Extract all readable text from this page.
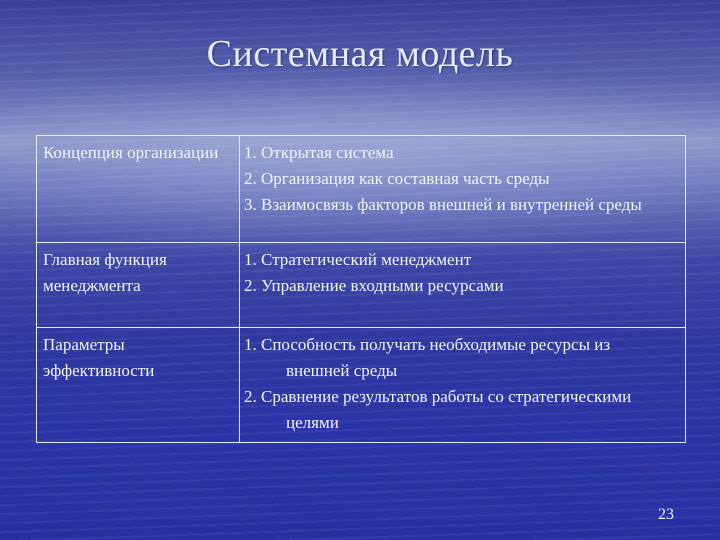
Системная модель
Концепция организации	1. Открытая система
2. Организация как составная часть среды
3. Взаимосвязь факторов внешней и внутренней среды

Главная функция менеджмента	1. Стратегический менеджмент
2. Управление входными ресурсами

Параметры эффективности	1. Способность получать необходимые ресурсы из внешней среды
2. Сравнение результатов работы со стратегическими целями
23
